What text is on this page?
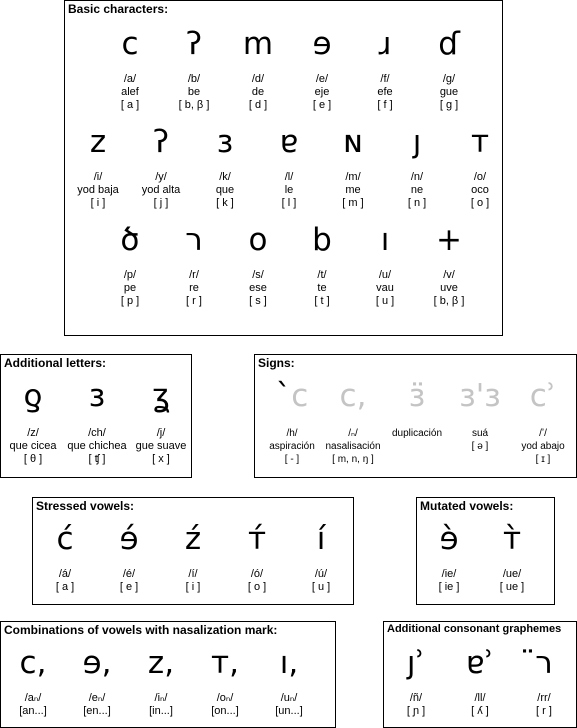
Basic characters:
c
/a/
alef
[ a ]
ʔ
/b/
be
[ b, β ]
m
/d/
de
[ d ]
ɘ
/e/
eje
[ e ]
ɹ
/f/
efe
[ f ]
ɗ
/g/
gue
[ g ]
z
/i/
yod baja
[ i ]
ʔ
/y/
yod alta
[ j ]
ɜ
/k/
que
[ k ]
ɐ
/l/
le
[ l ]
ɴ
/m/
me
[ m ]
ȷ
/n/
ne
[ n ]
т
/o/
oco
[ o ]
ծ
/p/
pe
[ p ]
ר
/r/
re
[ r ]
o
/s/
ese
[ s ]
b
/t/
te
[ t ]
ı
/u/
vau
[ u ]
+
/v/
uve
[ b, β ]
Additional letters:
ƍ
/z/
que cicea
[ θ ]
ɜ
/ch/
que chichea
[ ʧ ]
ʓ
/j/
gue suave
[ x ]
Signs:
`c
/h/
aspiración
[ - ]
c,
/ₙ/
nasalisación
[ m, n, ŋ ]
ɜ̈
duplicación
ɜ'ɜ
suá
[ ə ]
cʾ
/ʼ/
yod abajo
[ ɪ ]
Stressed vowels:
ć
/á/
[ a ]
ɘ́
/é/
[ e ]
ź
/í/
[ i ]
т́
/ó/
[ o ]
í
/ú/
[ u ]
Mutated vowels:
ɘ̀
/ie/
[ ie ]
т̀
/ue/
[ ue ]
Combinations of vowels with nasalization mark:
c,
/aₙ/
[an...]
ɘ,
/eₙ/
[en...]
z,
/iₙ/
[in...]
т,
/oₙ/
[on...]
ı,
/uₙ/
[un...]
Additional consonant graphemes
ȷʾ
/ñ/
[ ɲ ]
ɐʾ
/ll/
[ ʎ ]
ר̈
/rr/
[ r ]
